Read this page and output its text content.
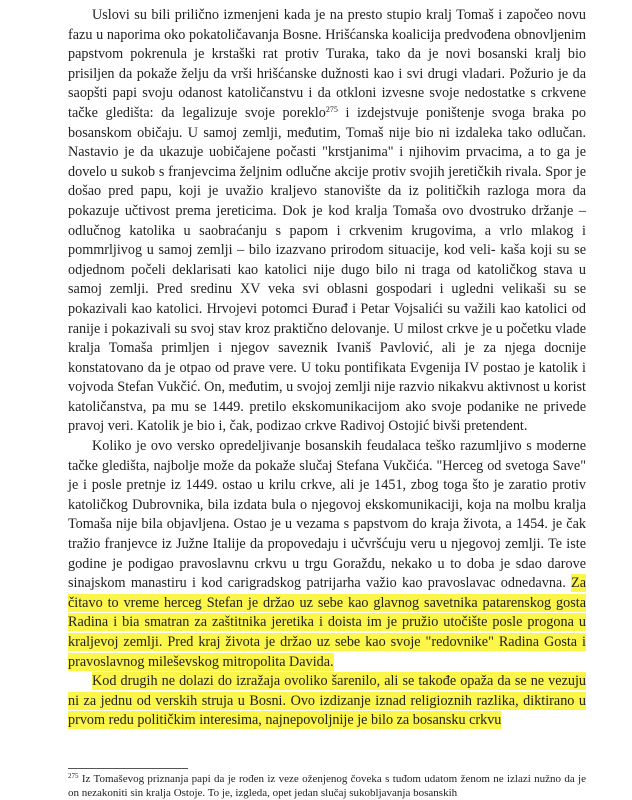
Uslovi su bili prilično izmenjeni kada je na presto stupio kralj Tomaš i započeo novu fazu u naporima oko pokatoličavanja Bosne. Hrišćanska koalicija predvođena obnovljenim papstvom pokrenula je krstaški rat protiv Turaka, tako da je novi bosanski kralj bio prisiljen da pokaže želju da vrši hrišćanske dužnosti kao i svi drugi vladari. Požurio je da saopšti papi svoju odanost katoličanstvu i da otkloni izvesne svoje nedostatke s crkvene tačke gledišta: da legalizuje svoje poreklo$^{275}$ i izdejstvuje poništenje svoga braka po bosanskom običaju. U samoj zemlji, međutim, Tomaš nije bio ni izdaleka tako odlučan. Nastavio je da ukazuje uobičajene počasti "krstjanima" i njihovim prvacima, a to ga je dovelo u sukob s franjevcima željnim odlučne akcije protiv svojih jeretičkih rivala. Spor je došao pred papu, koji je uvažio kraljevo stanovište da iz političkih razloga mora da pokazuje učtivost prema jereticima. Dok je kod kralja Tomaša ovo dvostruko držanje – odlučnog katolika u saobraćanju s papom i crkvenim krugovima, a vrlo mlakog i pommrljivog u samoj zemlji – bilo izazvano prirodom situacije, kod veli- kaša koji su se odjednom počeli deklarisati kao katolici nije dugo bilo ni traga od katoličkog stava u samoj zemlji. Pred sredinu XV veka svi oblasni gospodari i ugledni velikaši su se pokazivali kao katolici. Hrvojevi potomci Đurađ i Petar Vojsalići su važili kao katolici od ranije i pokazivali su svoj stav kroz praktično delovanje. U milost crkve je u početku vlade kralja Tomaša primljen i njegov saveznik Ivaniš Pavlović, ali je za njega docnije konstatovano da je otpao od prave vere. U toku pontifikata Evgenija IV postao je katolik i vojvoda Stefan Vukčić. On, međutim, u svojoj zemlji nije razvio nikakvu aktivnost u korist katoličanstva, pa mu se 1449. pretilo ekskomunikacijom ako svoje podanike ne privede pravoj veri. Katolik je bio i, čak, podizao crkve Radivoj Ostojić bivši pretendent.

Koliko je ovo versko opredeljivanje bosanskih feudalaca teško razumljivo s moderne tačke gledišta, najbolje može da pokaže slučaj Stefana Vukčića. "Herceg od svetoga Save" je i posle pretnje iz 1449. ostao u krilu crkve, ali je 1451, zbog toga što je zaratio protiv katoličkog Dubrovnika, bila izdata bula o njegovoj ekskomunikaciji, koja na molbu kralja Tomaša nije bila objavljena. Ostao je u vezama s papstvom do kraja života, a 1454. je čak tražio franjevce iz Južne Italije da propovedaju i učvršćuju veru u njegovoj zemlji. Te iste godine je podigao pravoslavnu crkvu u trgu Goraždu, nekako u to doba je sdao darove sinajskom manastiru i kod carigradskog patrijarha važio kao pravoslavac odnedavna. Za čitavo to vreme herceg Stefan je držao uz sebe kao glavnog savetnika patarenskog gosta Radina i bia smatran za zaštitnika jeretika i doista im je pružio utočište posle progona u kraljevoj zemlji. Pred kraj života je držao uz sebe kao svoje "redovnike" Radina Gosta i pravoslavnog mileševskog mitropolita Davida.

Kod drugih ne dolazi do izražaja ovoliko šarenilo, ali se takođe opaža da se ne vezuju ni za jednu od verskih struja u Bosni. Ovo izdizanje iznad religioznih razlika, diktirano u prvom redu političkim interesima, najnepovoljnije je bilo za bosansku crkvu

$^{275}$ Iz Tomaševog priznanja papi da je rođen iz veze oženjenog čoveka s tuđom udatom ženom ne izlazi nužno da je on nezakoniti sin kralja Ostoje. To je, izgleda, opet jedan slučaj sukobljavanja bosanskih
